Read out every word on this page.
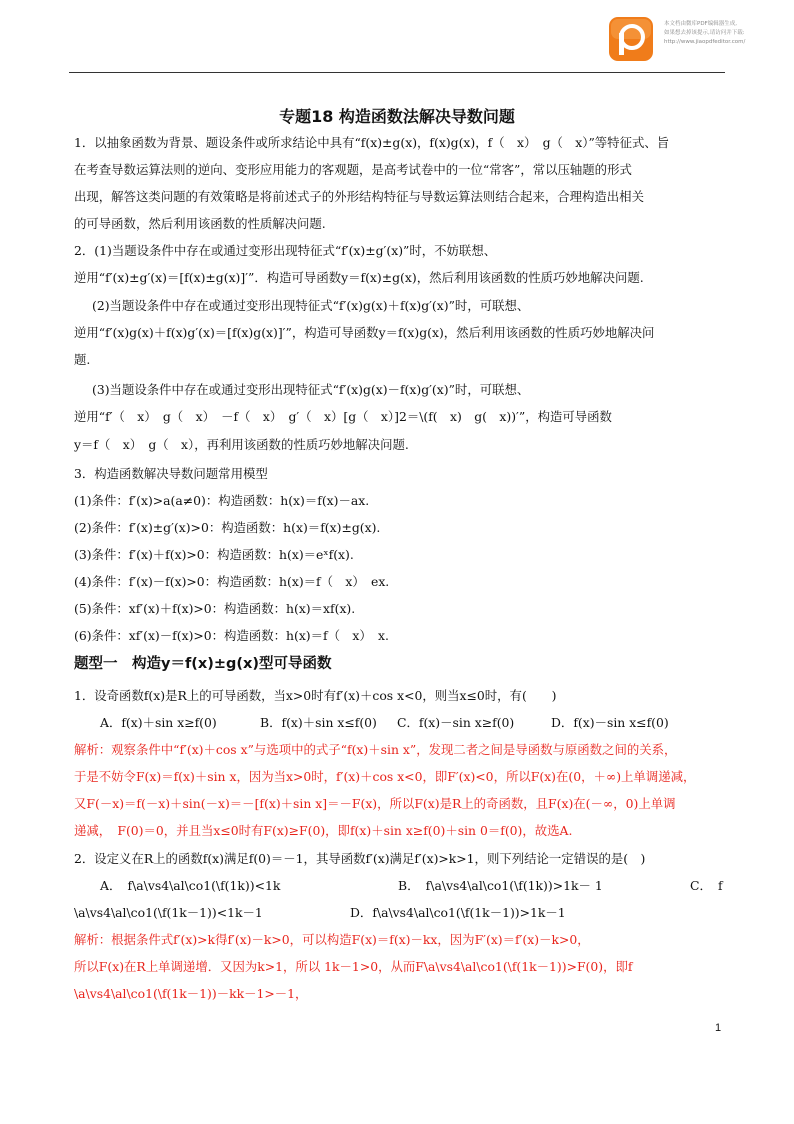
本文档由微库PDF编辑器生成,
如果想去掉该提示,请访问并下载:
http://www.jiaopdfeditor.com/
专题18 构造函数法解决导数问题
1．以抽象函数为背景、题设条件或所求结论中具有“f(x)±g(x)，f(x)g(x)，f（　x）　g（　x）”等特征式、旨
在考查导数运算法则的逆向、变形应用能力的客观题，是高考试卷中的一位“常客”，常以压轴题的形式
出现，解答这类问题的有效策略是将前述式子的外形结构特征与导数运算法则结合起来，合理构造出相关
的可导函数，然后利用该函数的性质解决问题.
2．(1)当题设条件中存在或通过变形出现特征式“f′(x)±g′(x)”时，不妨联想、
逆用“f′(x)±g′(x)＝[f(x)±g(x)]′”．构造可导函数y＝f(x)±g(x)，然后利用该函数的性质巧妙地解决问题.
(2)当题设条件中存在或通过变形出现特征式“f′(x)g(x)＋f(x)g′(x)”时，可联想、
逆用“f′(x)g(x)＋f(x)g′(x)＝[f(x)g(x)]′”，构造可导函数y＝f(x)g(x)，然后利用该函数的性质巧妙地解决问
题.
(3)当题设条件中存在或通过变形出现特征式“f′(x)g(x)－f(x)g′(x)”时，可联想、
逆用“f′（　x）　g（　x）　－f（　x）　g′（　x）[g（　x）]2＝\(f(　x)　g(　x))′”，构造可导函数
y＝f（　x）　g（　x），再利用该函数的性质巧妙地解决问题.
3．构造函数解决导数问题常用模型
(1)条件：f′(x)>a(a≠0)：构造函数：h(x)＝f(x)－ax.
(2)条件：f′(x)±g′(x)>0：构造函数：h(x)＝f(x)±g(x).
(3)条件：f′(x)＋f(x)>0：构造函数：h(x)＝eˣf(x).
(4)条件：f′(x)－f(x)>0：构造函数：h(x)＝f（　x）　ex.
(5)条件：xf′(x)＋f(x)>0：构造函数：h(x)＝xf(x).
(6)条件：xf′(x)－f(x)>0：构造函数：h(x)＝f（　x）　x.
题型一　构造y＝f(x)±g(x)型可导函数
1．设奇函数f(x)是R上的可导函数，当x>0时有f′(x)＋cos x<0，则当x≤0时，有(　　)
A．f(x)＋sin x≥f(0)	B．f(x)＋sin x≤f(0) C．f(x)－sin x≥f(0)	D．f(x)－sin x≤f(0)
解析：观察条件中“f′(x)＋cos x”与选项中的式子“f(x)＋sin x”，发现二者之间是导函数与原函数之间的关系，
于是不妨令F(x)＝f(x)＋sin x，因为当x>0时，f′(x)＋cos x<0，即F′(x)<0，所以F(x)在(0，＋∞)上单调递减，
又F(－x)＝f(－x)＋sin(－x)＝－[f(x)＋sin x]＝－F(x)，所以F(x)是R上的奇函数，且F(x)在(－∞，0)上单调
递减，　F(0)＝0，并且当x≤0时有F(x)≥F(0)，即f(x)＋sin x≥f(0)＋sin 0＝f(0)，故选A.
2．设定义在R上的函数f(x)满足f(0)＝－1，其导函数f′(x)满足f′(x)>k>1，则下列结论一定错误的是(　)
A．　f\a\vs4\al\co1(\f(1k))<1k	B．　f\a\vs4\al\co1(\f(1k))>1k－ 1	C．　f
\a\vs4\al\co1(\f(1k－1))<1k－1	D．f\a\vs4\al\co1(\f(1k－1))>1k－1
解析：根据条件式f′(x)>k得f′(x)－k>0，可以构造F(x)＝f(x)－kx，因为F′(x)＝f′(x)－k>0，
所以F(x)在R上单调递增．又因为k>1，所以 1k－1>0，从而F\a\vs4\al\co1(\f(1k－1))>F(0)，即f
\a\vs4\al\co1(\f(1k－1))－kk－1>－1，
1
